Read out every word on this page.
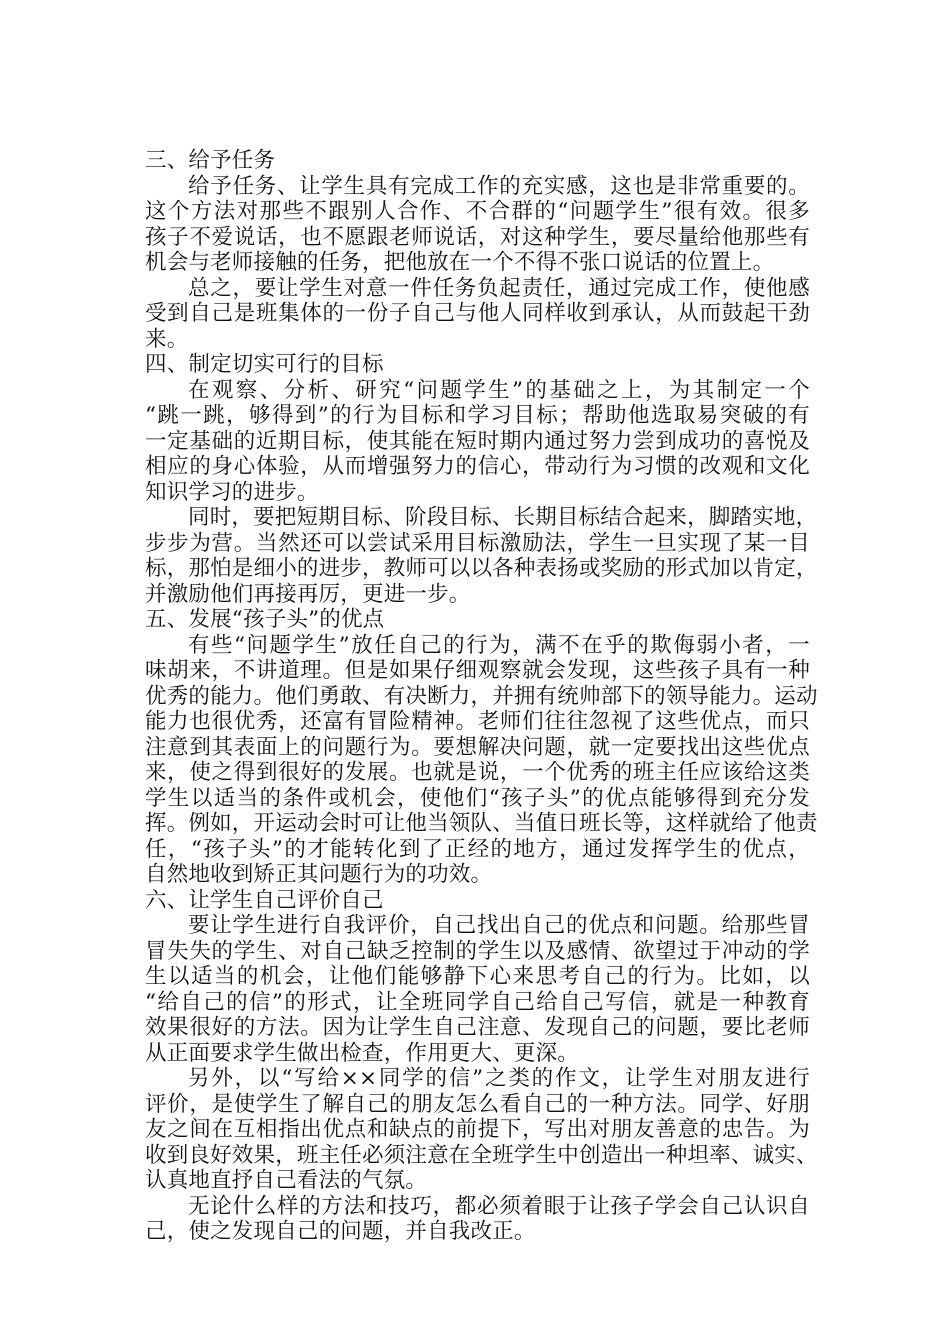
三、给予任务
给予任务、让学生具有完成工作的充实感，这也是非常重要的。
这个方法对那些不跟别人合作、不合群的“问题学生”很有效。很多
孩子不爱说话，也不愿跟老师说话，对这种学生，要尽量给他那些有
机会与老师接触的任务，把他放在一个不得不张口说话的位置上。
总之，要让学生对意一件任务负起责任，通过完成工作，使他感
受到自己是班集体的一份子自己与他人同样收到承认，从而鼓起干劲
来。
四、制定切实可行的目标
在观察、分析、研究“问题学生”的基础之上，为其制定一个
“跳一跳，够得到”的行为目标和学习目标；帮助他选取易突破的有
一定基础的近期目标，使其能在短时期内通过努力尝到成功的喜悦及
相应的身心体验，从而增强努力的信心，带动行为习惯的改观和文化
知识学习的进步。
同时，要把短期目标、阶段目标、长期目标结合起来，脚踏实地，
步步为营。当然还可以尝试采用目标激励法，学生一旦实现了某一目
标，那怕是细小的进步，教师可以以各种表扬或奖励的形式加以肯定，
并激励他们再接再厉，更进一步。
五、发展“孩子头”的优点
有些“问题学生”放任自己的行为，满不在乎的欺侮弱小者，一
味胡来，不讲道理。但是如果仔细观察就会发现，这些孩子具有一种
优秀的能力。他们勇敢、有决断力，并拥有统帅部下的领导能力。运动
能力也很优秀，还富有冒险精神。老师们往往忽视了这些优点，而只
注意到其表面上的问题行为。要想解决问题，就一定要找出这些优点
来，使之得到很好的发展。也就是说，一个优秀的班主任应该给这类
学生以适当的条件或机会，使他们“孩子头”的优点能够得到充分发
挥。例如，开运动会时可让他当领队、当值日班长等，这样就给了他责
任，“孩子头”的才能转化到了正经的地方，通过发挥学生的优点，
自然地收到矫正其问题行为的功效。
六、让学生自己评价自己
要让学生进行自我评价，自己找出自己的优点和问题。给那些冒
冒失失的学生、对自己缺乏控制的学生以及感情、欲望过于冲动的学
生以适当的机会，让他们能够静下心来思考自己的行为。比如，以
“给自己的信”的形式，让全班同学自己给自己写信，就是一种教育
效果很好的方法。因为让学生自己注意、发现自己的问题，要比老师
从正面要求学生做出检查，作用更大、更深。
另外，以“写给××同学的信”之类的作文，让学生对朋友进行
评价，是使学生了解自己的朋友怎么看自己的一种方法。同学、好朋
友之间在互相指出优点和缺点的前提下，写出对朋友善意的忠告。为
收到良好效果，班主任必须注意在全班学生中创造出一种坦率、诚实、
认真地直抒自己看法的气氛。
无论什么样的方法和技巧，都必须着眼于让孩子学会自己认识自
己，使之发现自己的问题，并自我改正。
